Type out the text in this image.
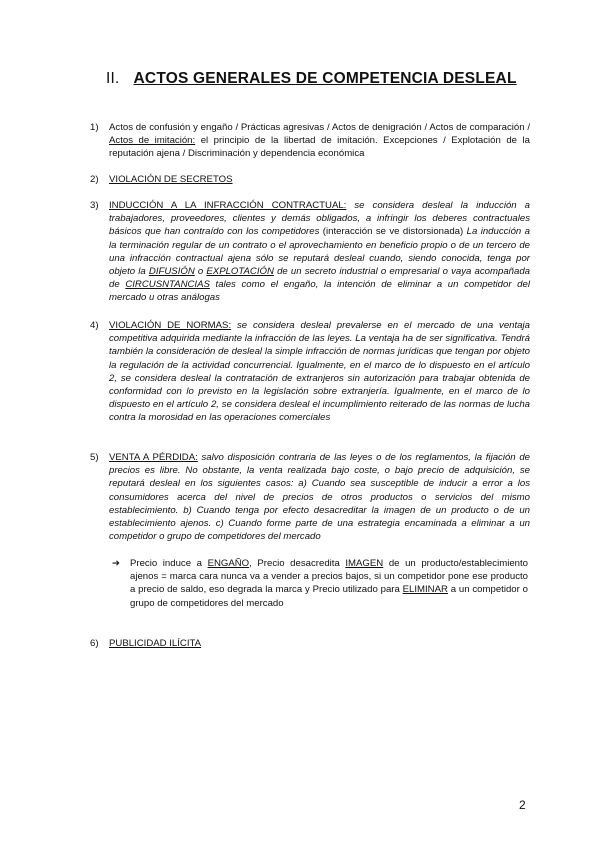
II. ACTOS GENERALES DE COMPETENCIA DESLEAL
1) Actos de confusión y engaño / Prácticas agresivas / Actos de denigración / Actos de comparación / Actos de imitación: el principio de la libertad de imitación. Excepciones / Explotación de la reputación ajena / Discriminación y dependencia económica
2) VIOLACIÓN DE SECRETOS
3) INDUCCIÓN A LA INFRACCIÓN CONTRACTUAL: se considera desleal la inducción a trabajadores, proveedores, clientes y demás obligados, a infringir los deberes contractuales básicos que han contraído con los competidores (interacción se ve distorsionada) La inducción a la terminación regular de un contrato o el aprovechamiento en beneficio propio o de un tercero de una infracción contractual ajena sólo se reputará desleal cuando, siendo conocida, tenga por objeto la DIFUSIÓN o EXPLOTACIÓN de un secreto industrial o empresarial o vaya acompañada de CIRCUSNTANCIAS tales como el engaño, la intención de eliminar a un competidor del mercado u otras análogas
4) VIOLACIÓN DE NORMAS: se considera desleal prevalerse en el mercado de una ventaja competitiva adquirida mediante la infracción de las leyes. La ventaja ha de ser significativa. Tendrá también la consideración de desleal la simple infracción de normas jurídicas que tengan por objeto la regulación de la actividad concurrencial. Igualmente, en el marco de lo dispuesto en el artículo 2, se considera desleal la contratación de extranjeros sin autorización para trabajar obtenida de conformidad con lo previsto en la legislación sobre extranjería. Igualmente, en el marco de lo dispuesto en el artículo 2, se considera desleal el incumplimiento reiterado de las normas de lucha contra la morosidad en las operaciones comerciales
5) VENTA A PÉRDIDA: salvo disposición contraria de las leyes o de los reglamentos, la fijación de precios es libre. No obstante, la venta realizada bajo coste, o bajo precio de adquisición, se reputará desleal en los siguientes casos: a) Cuando sea susceptible de inducir a error a los consumidores acerca del nivel de precios de otros productos o servicios del mismo establecimiento. b) Cuando tenga por efecto desacreditar la imagen de un producto o de un establecimiento ajenos. c) Cuando forme parte de una estrategia encaminada a eliminar a un competidor o grupo de competidores del mercado
➔ Precio induce a ENGAÑO, Precio desacredita IMAGEN de un producto/establecimiento ajenos = marca cara nunca va a vender a precios bajos, si un competidor pone ese producto a precio de saldo, eso degrada la marca y Precio utilizado para ELIMINAR a un competidor o grupo de competidores del mercado
6) PUBLICIDAD ILÍCITA
2
